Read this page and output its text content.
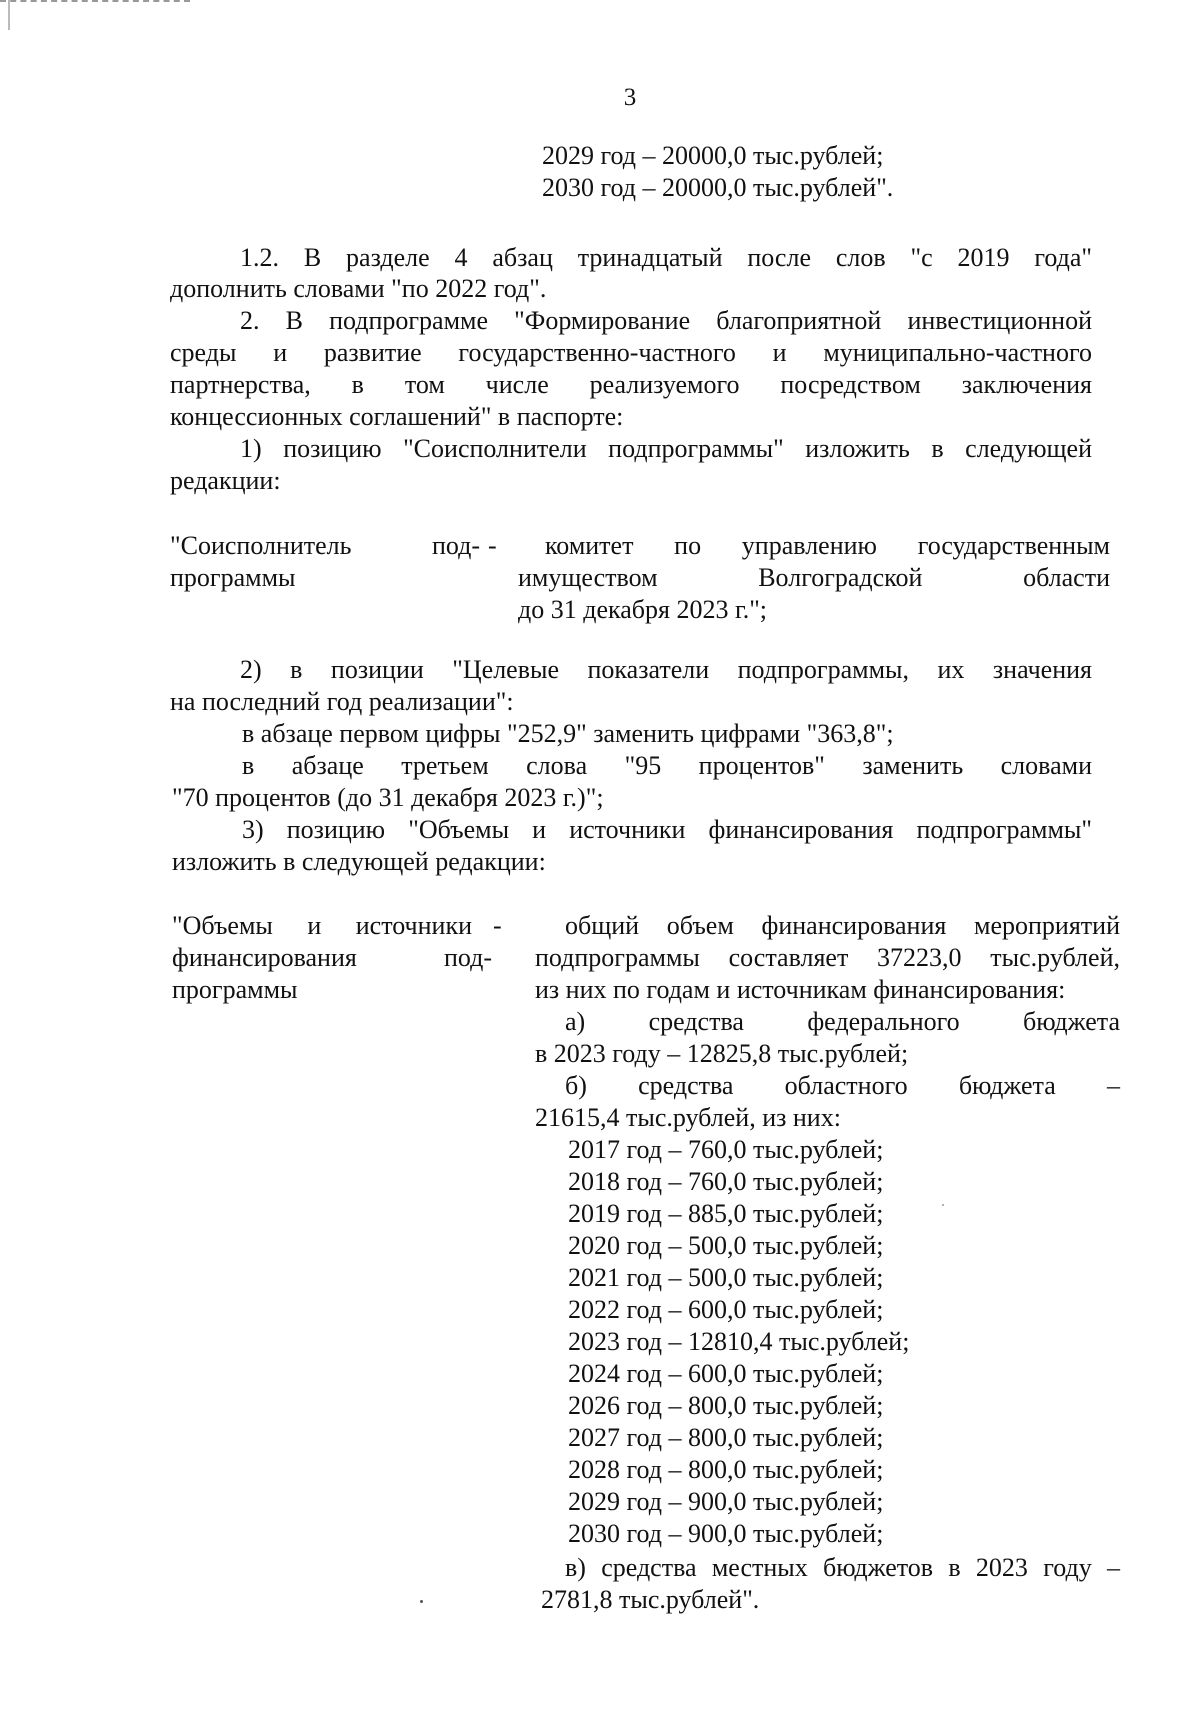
3
2029 год – 20000,0 тыс.рублей;
2030 год – 20000,0 тыс.рублей".
1.2. В разделе 4 абзац тринадцатый после слов "с 2019 года"
дополнить словами "по 2022 год".
2. В подпрограмме "Формирование благоприятной инвестиционной
среды и развитие государственно-частного и муниципально-частного
партнерства, в том числе реализуемого посредством заключения
концессионных соглашений" в паспорте:
1) позицию "Соисполнители подпрограммы" изложить в следующей
редакции:
"Соисполнитель под- -
программы
комитет по управлению государственным
имуществом Волгоградской области
до 31 декабря 2023 г.";
2) в позиции "Целевые показатели подпрограммы, их значения
на последний год реализации":
в абзаце первом цифры "252,9" заменить цифрами "363,8";
в абзаце третьем слова "95 процентов" заменить словами
"70 процентов (до 31 декабря 2023 г.)";
3) позицию "Объемы и источники финансирования подпрограммы"
изложить в следующей редакции:
"Объемы и источники -
финансирования под-
программы
общий объем финансирования мероприятий
подпрограммы составляет 37223,0 тыс.рублей,
из них по годам и источникам финансирования:
а) средства федерального бюджета
в 2023 году – 12825,8 тыс.рублей;
б) средства областного бюджета –
21615,4 тыс.рублей, из них:
2017 год – 760,0 тыс.рублей;
2018 год – 760,0 тыс.рублей;
2019 год – 885,0 тыс.рублей;
2020 год – 500,0 тыс.рублей;
2021 год – 500,0 тыс.рублей;
2022 год – 600,0 тыс.рублей;
2023 год – 12810,4 тыс.рублей;
2024 год – 600,0 тыс.рублей;
2026 год – 800,0 тыс.рублей;
2027 год – 800,0 тыс.рублей;
2028 год – 800,0 тыс.рублей;
2029 год – 900,0 тыс.рублей;
2030 год – 900,0 тыс.рублей;
в) средства местных бюджетов в 2023 году –
2781,8 тыс.рублей".
